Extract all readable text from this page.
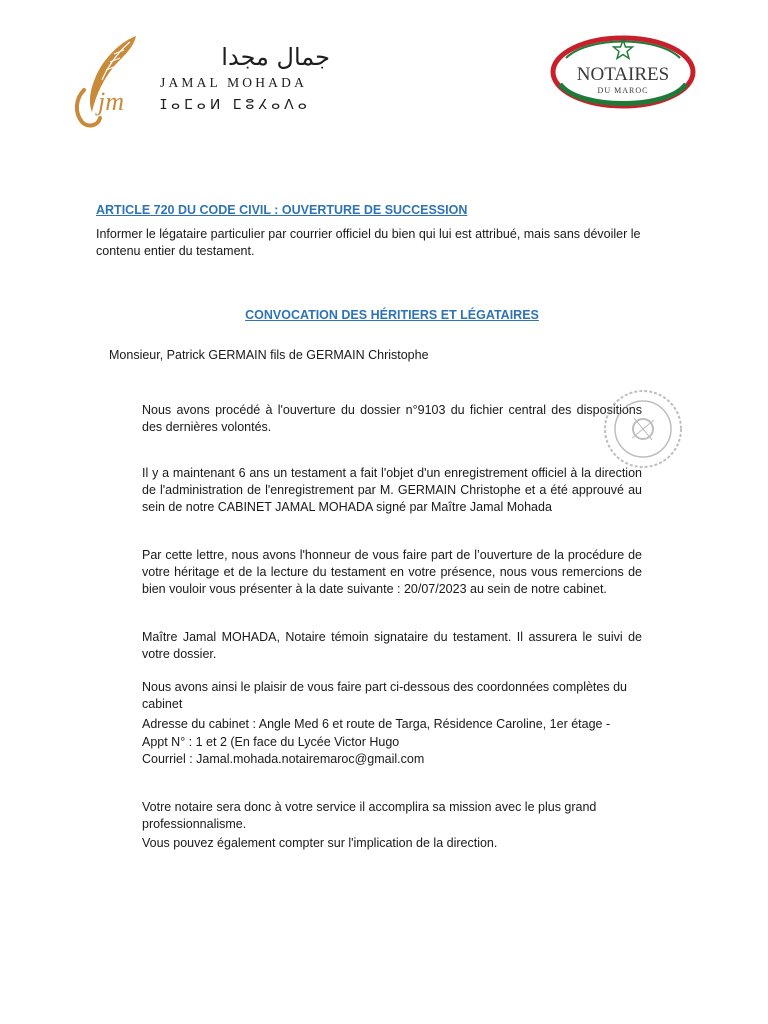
jm
جمال مجدا
JAMAL MOHADA
ⵊⴰⵎⴰⵍ ⵎⵓⵃⴰⴷⴰ
NOTAIRES
DU MAROC
ARTICLE 720 DU CODE CIVIL : OUVERTURE DE SUCCESSION
Informer le légataire particulier par courrier officiel du bien qui lui est attribué, mais sans dévoiler le contenu entier du testament.
CONVOCATION DES HÉRITIERS ET LÉGATAIRES
Monsieur, Patrick GERMAIN fils de GERMAIN Christophe
Nous avons procédé à l'ouverture du dossier n°9103 du fichier central des dispositions des dernières volontés.
Il y a maintenant 6 ans un testament a fait l'objet d'un enregistrement officiel à la direction de l'administration de l'enregistrement par M. GERMAIN Christophe et a été approuvé au sein de notre CABINET JAMAL MOHADA signé par Maître Jamal Mohada
Par cette lettre, nous avons l'honneur de vous faire part de l’ouverture de la procédure de votre héritage et de la lecture du testament en votre présence, nous vous remercions de bien vouloir vous présenter à la date suivante : 20/07/2023 au sein de notre cabinet.
Maître Jamal MOHADA, Notaire témoin signataire du testament. Il assurera le suivi de votre dossier.
Nous avons ainsi le plaisir de vous faire part ci-dessous des coordonnées complètes du cabinet
Adresse du cabinet : Angle Med 6 et route de Targa, Résidence Caroline, 1er étage -
Appt N° : 1 et 2 (En face du Lycée Victor Hugo
Courriel : Jamal.mohada.notairemaroc@gmail.com
Votre notaire sera donc à votre service il accomplira sa mission avec le plus grand professionnalisme.
Vous pouvez également compter sur l'implication de la direction.
